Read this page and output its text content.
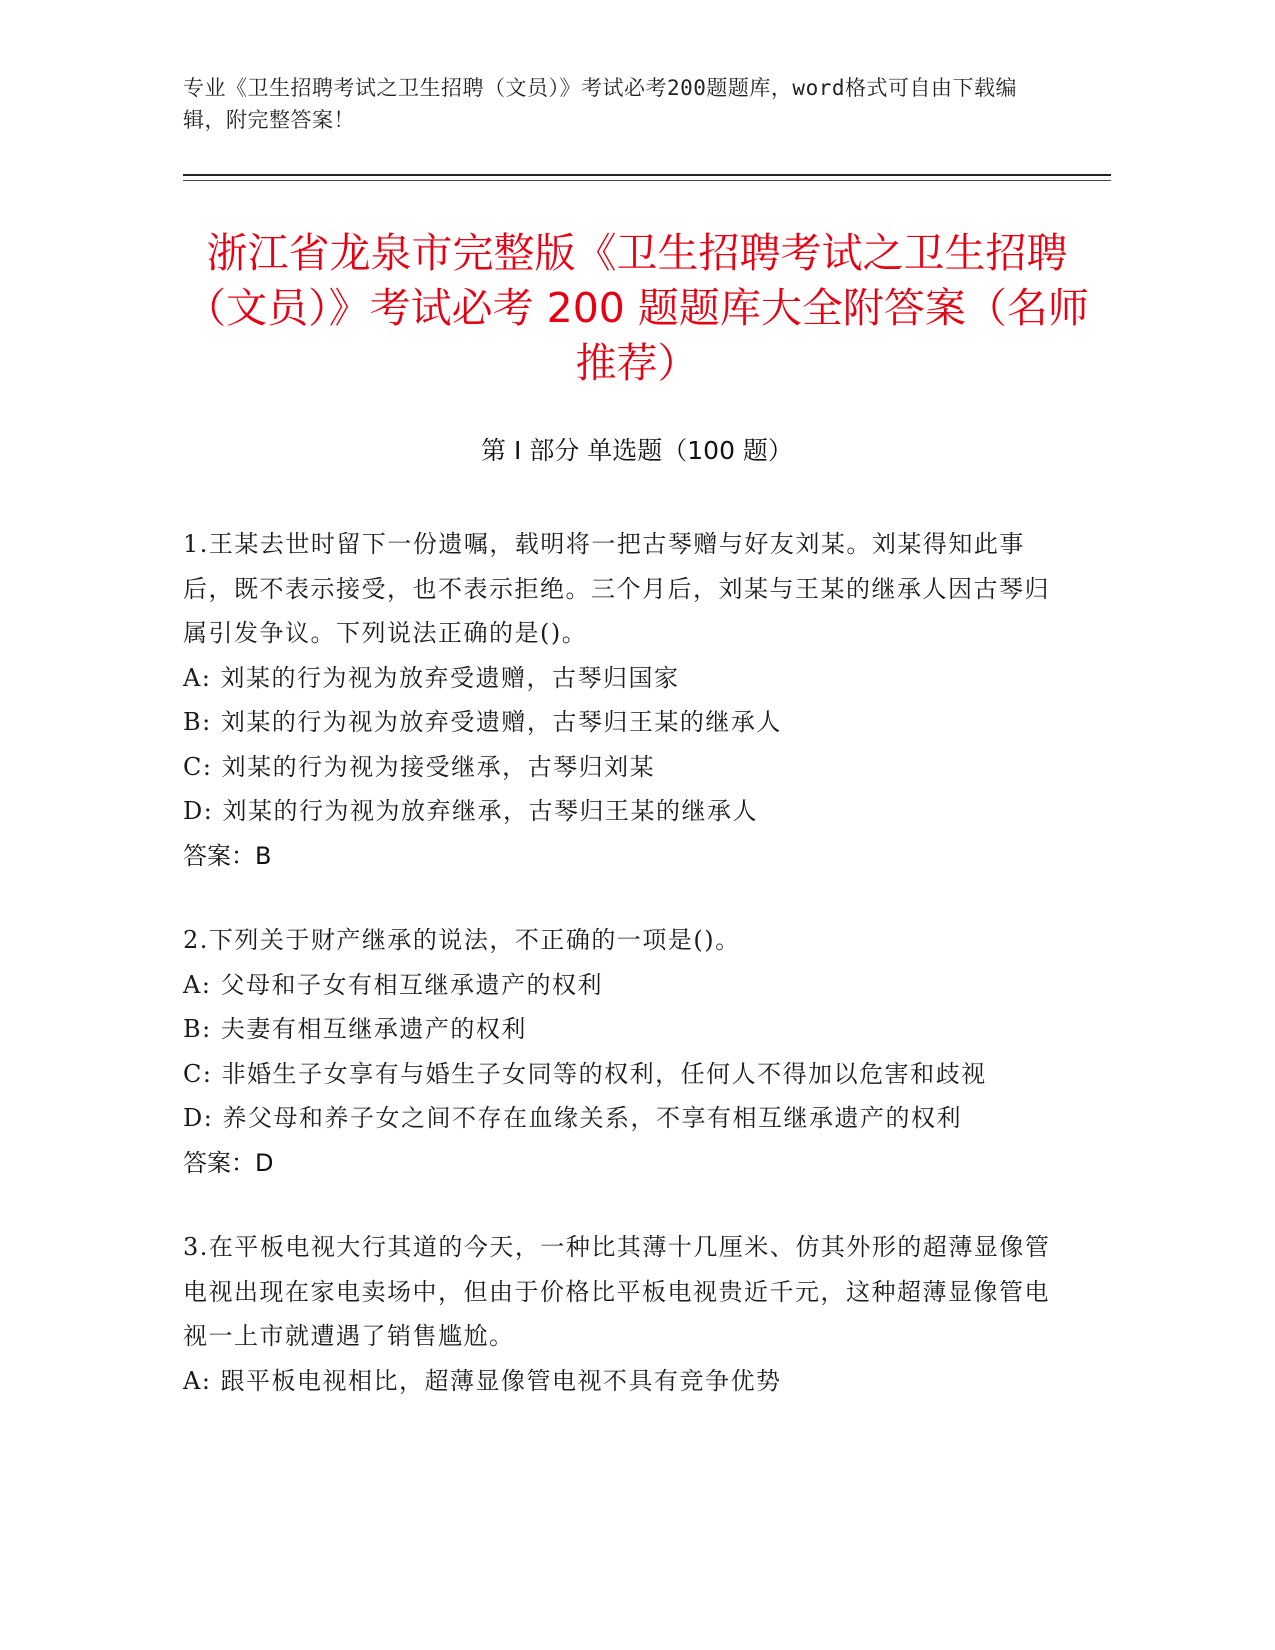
专业《卫生招聘考试之卫生招聘（文员）》考试必考200题题库，word格式可自由下载编辑，附完整答案！
浙江省龙泉市完整版《卫生招聘考试之卫生招聘（文员）》考试必考 200 题题库大全附答案（名师推荐）
第 I 部分 单选题（100 题）
1.王某去世时留下一份遗嘱，载明将一把古琴赠与好友刘某。刘某得知此事后，既不表示接受，也不表示拒绝。三个月后，刘某与王某的继承人因古琴归属引发争议。下列说法正确的是()。
A: 刘某的行为视为放弃受遗赠，古琴归国家
B: 刘某的行为视为放弃受遗赠，古琴归王某的继承人
C: 刘某的行为视为接受继承，古琴归刘某
D: 刘某的行为视为放弃继承，古琴归王某的继承人
答案：B
2.下列关于财产继承的说法，不正确的一项是()。
A: 父母和子女有相互继承遗产的权利
B: 夫妻有相互继承遗产的权利
C: 非婚生子女享有与婚生子女同等的权利，任何人不得加以危害和歧视
D: 养父母和养子女之间不存在血缘关系，不享有相互继承遗产的权利
答案：D
3.在平板电视大行其道的今天，一种比其薄十几厘米、仿其外形的超薄显像管电视出现在家电卖场中，但由于价格比平板电视贵近千元，这种超薄显像管电视一上市就遭遇了销售尴尬。
A: 跟平板电视相比，超薄显像管电视不具有竞争优势
